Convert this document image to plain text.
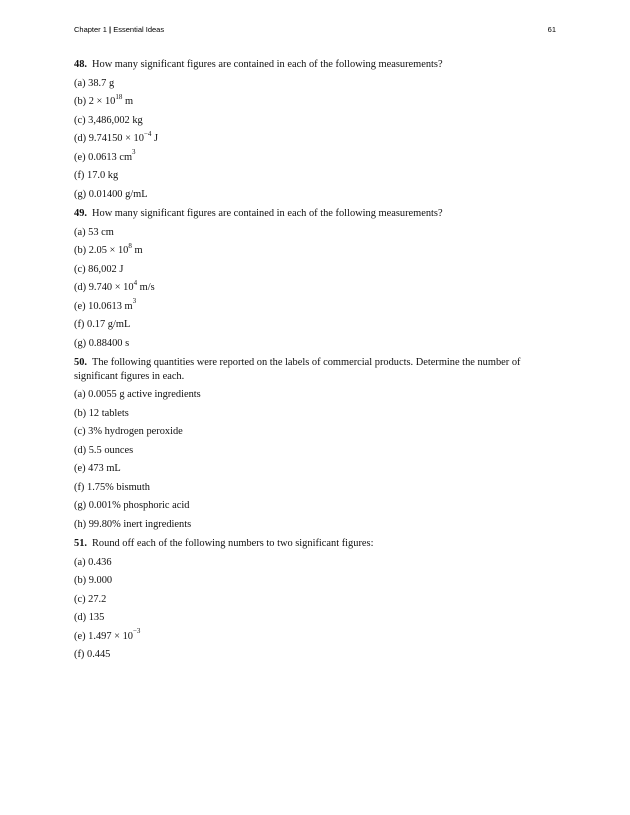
Chapter 1 | Essential Ideas	61

48. How many significant figures are contained in each of the following measurements?

(a) 38.7 g

(b) $2 \times 10^{18}$ m

(c) 3,486,002 kg

(d) $9.74150 \times 10^{-4}$ J

(e) 0.0613 $cm^3$

(f) 17.0 kg

(g) 0.01400 g/mL

49. How many significant figures are contained in each of the following measurements?

(a) 53 cm

(b) $2.05 \times 10^8$ m

(c) 86,002 J

(d) $9.740 \times 10^4$ m/s

(e) 10.0613 $m^3$

(f) 0.17 g/mL

(g) 0.88400 s

50. The following quantities were reported on the labels of commercial products. Determine the number of significant figures in each.

(a) 0.0055 g active ingredients

(b) 12 tablets

(c) 3% hydrogen peroxide

(d) 5.5 ounces

(e) 473 mL

(f) 1.75% bismuth

(g) 0.001% phosphoric acid

(h) 99.80% inert ingredients

51. Round off each of the following numbers to two significant figures:

(a) 0.436

(b) 9.000

(c) 27.2

(d) 135

(e) $1.497 \times 10^{-3}$

(f) 0.445
